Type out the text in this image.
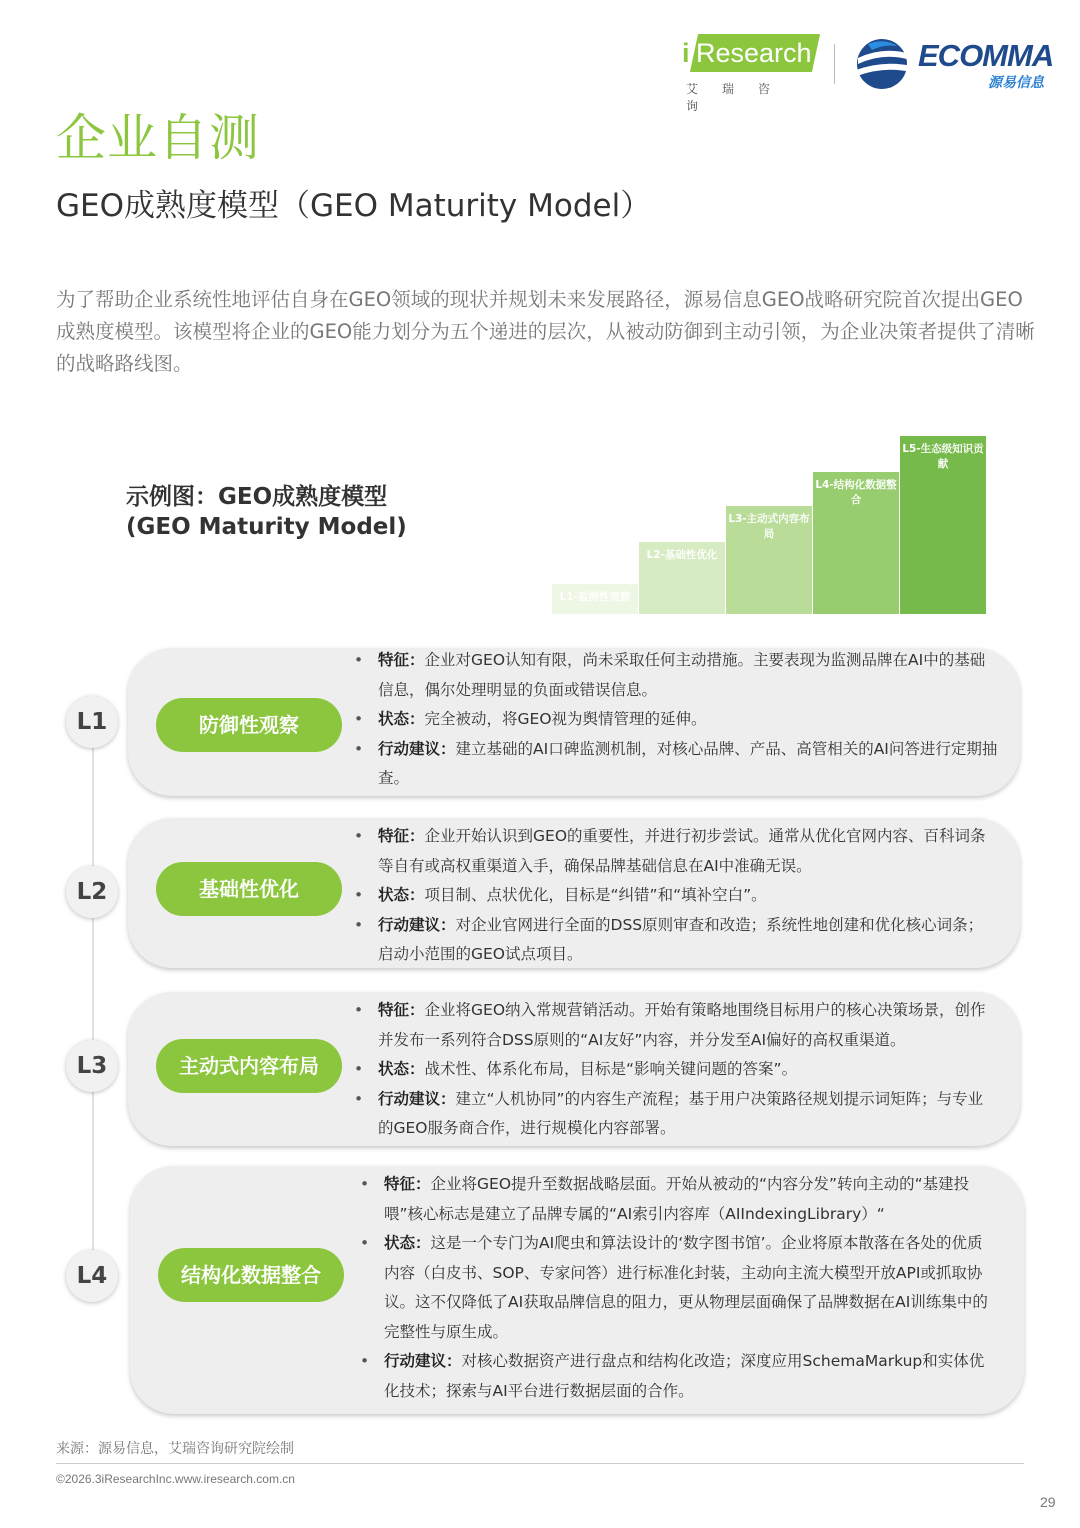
i Research
艾瑞咨询
ECOMMA
源易信息
企业自测
GEO成熟度模型（GEO Maturity Model）

为了帮助企业系统性地评估自身在GEO领域的现状并规划未来发展路径，源易信息GEO战略研究院首次提出GEO成熟度模型。该模型将企业的GEO能力划分为五个递进的层次，从被动防御到主动引领，为企业决策者提供了清晰的战略路线图。

示例图：GEO成熟度模型
(GEO Maturity Model)
L1-监测性观察
L2-基础性优化
L3-主动式内容布局
L4-结构化数据整合
L5-生态级知识贡献
L1	防御性观察
• 特征：企业对GEO认知有限，尚未采取任何主动措施。主要表现为监测品牌在AI中的基础信息，偶尔处理明显的负面或错误信息。
• 状态：完全被动，将GEO视为舆情管理的延伸。
• 行动建议：建立基础的AI口碑监测机制，对核心品牌、产品、高管相关的AI问答进行定期抽查。
L2	基础性优化
• 特征：企业开始认识到GEO的重要性，并进行初步尝试。通常从优化官网内容、百科词条等自有或高权重渠道入手，确保品牌基础信息在AI中准确无误。
• 状态：项目制、点状优化，目标是“纠错”和“填补空白”。
• 行动建议：对企业官网进行全面的DSS原则审查和改造；系统性地创建和优化核心词条；启动小范围的GEO试点项目。
L3	主动式内容布局
• 特征：企业将GEO纳入常规营销活动。开始有策略地围绕目标用户的核心决策场景，创作并发布一系列符合DSS原则的“AI友好”内容，并分发至AI偏好的高权重渠道。
• 状态：战术性、体系化布局，目标是“影响关键问题的答案”。
• 行动建议：建立“人机协同”的内容生产流程；基于用户决策路径规划提示词矩阵；与专业的GEO服务商合作，进行规模化内容部署。
L4	结构化数据整合
• 特征：企业将GEO提升至数据战略层面。开始从被动的“内容分发”转向主动的“基建投喂”核心标志是建立了品牌专属的“AI索引内容库（AIIndexingLibrary）“
• 状态：这是一个专门为AI爬虫和算法设计的‘数字图书馆’。企业将原本散落在各处的优质内容（白皮书、SOP、专家问答）进行标准化封装，主动向主流大模型开放API或抓取协议。这不仅降低了AI获取品牌信息的阻力，更从物理层面确保了品牌数据在AI训练集中的完整性与原生成。
• 行动建议：对核心数据资产进行盘点和结构化改造；深度应用SchemaMarkup和实体优化技术；探索与AI平台进行数据层面的合作。
来源：源易信息，艾瑞咨询研究院绘制
©2026.3iResearchInc.www.iresearch.com.cn
29
